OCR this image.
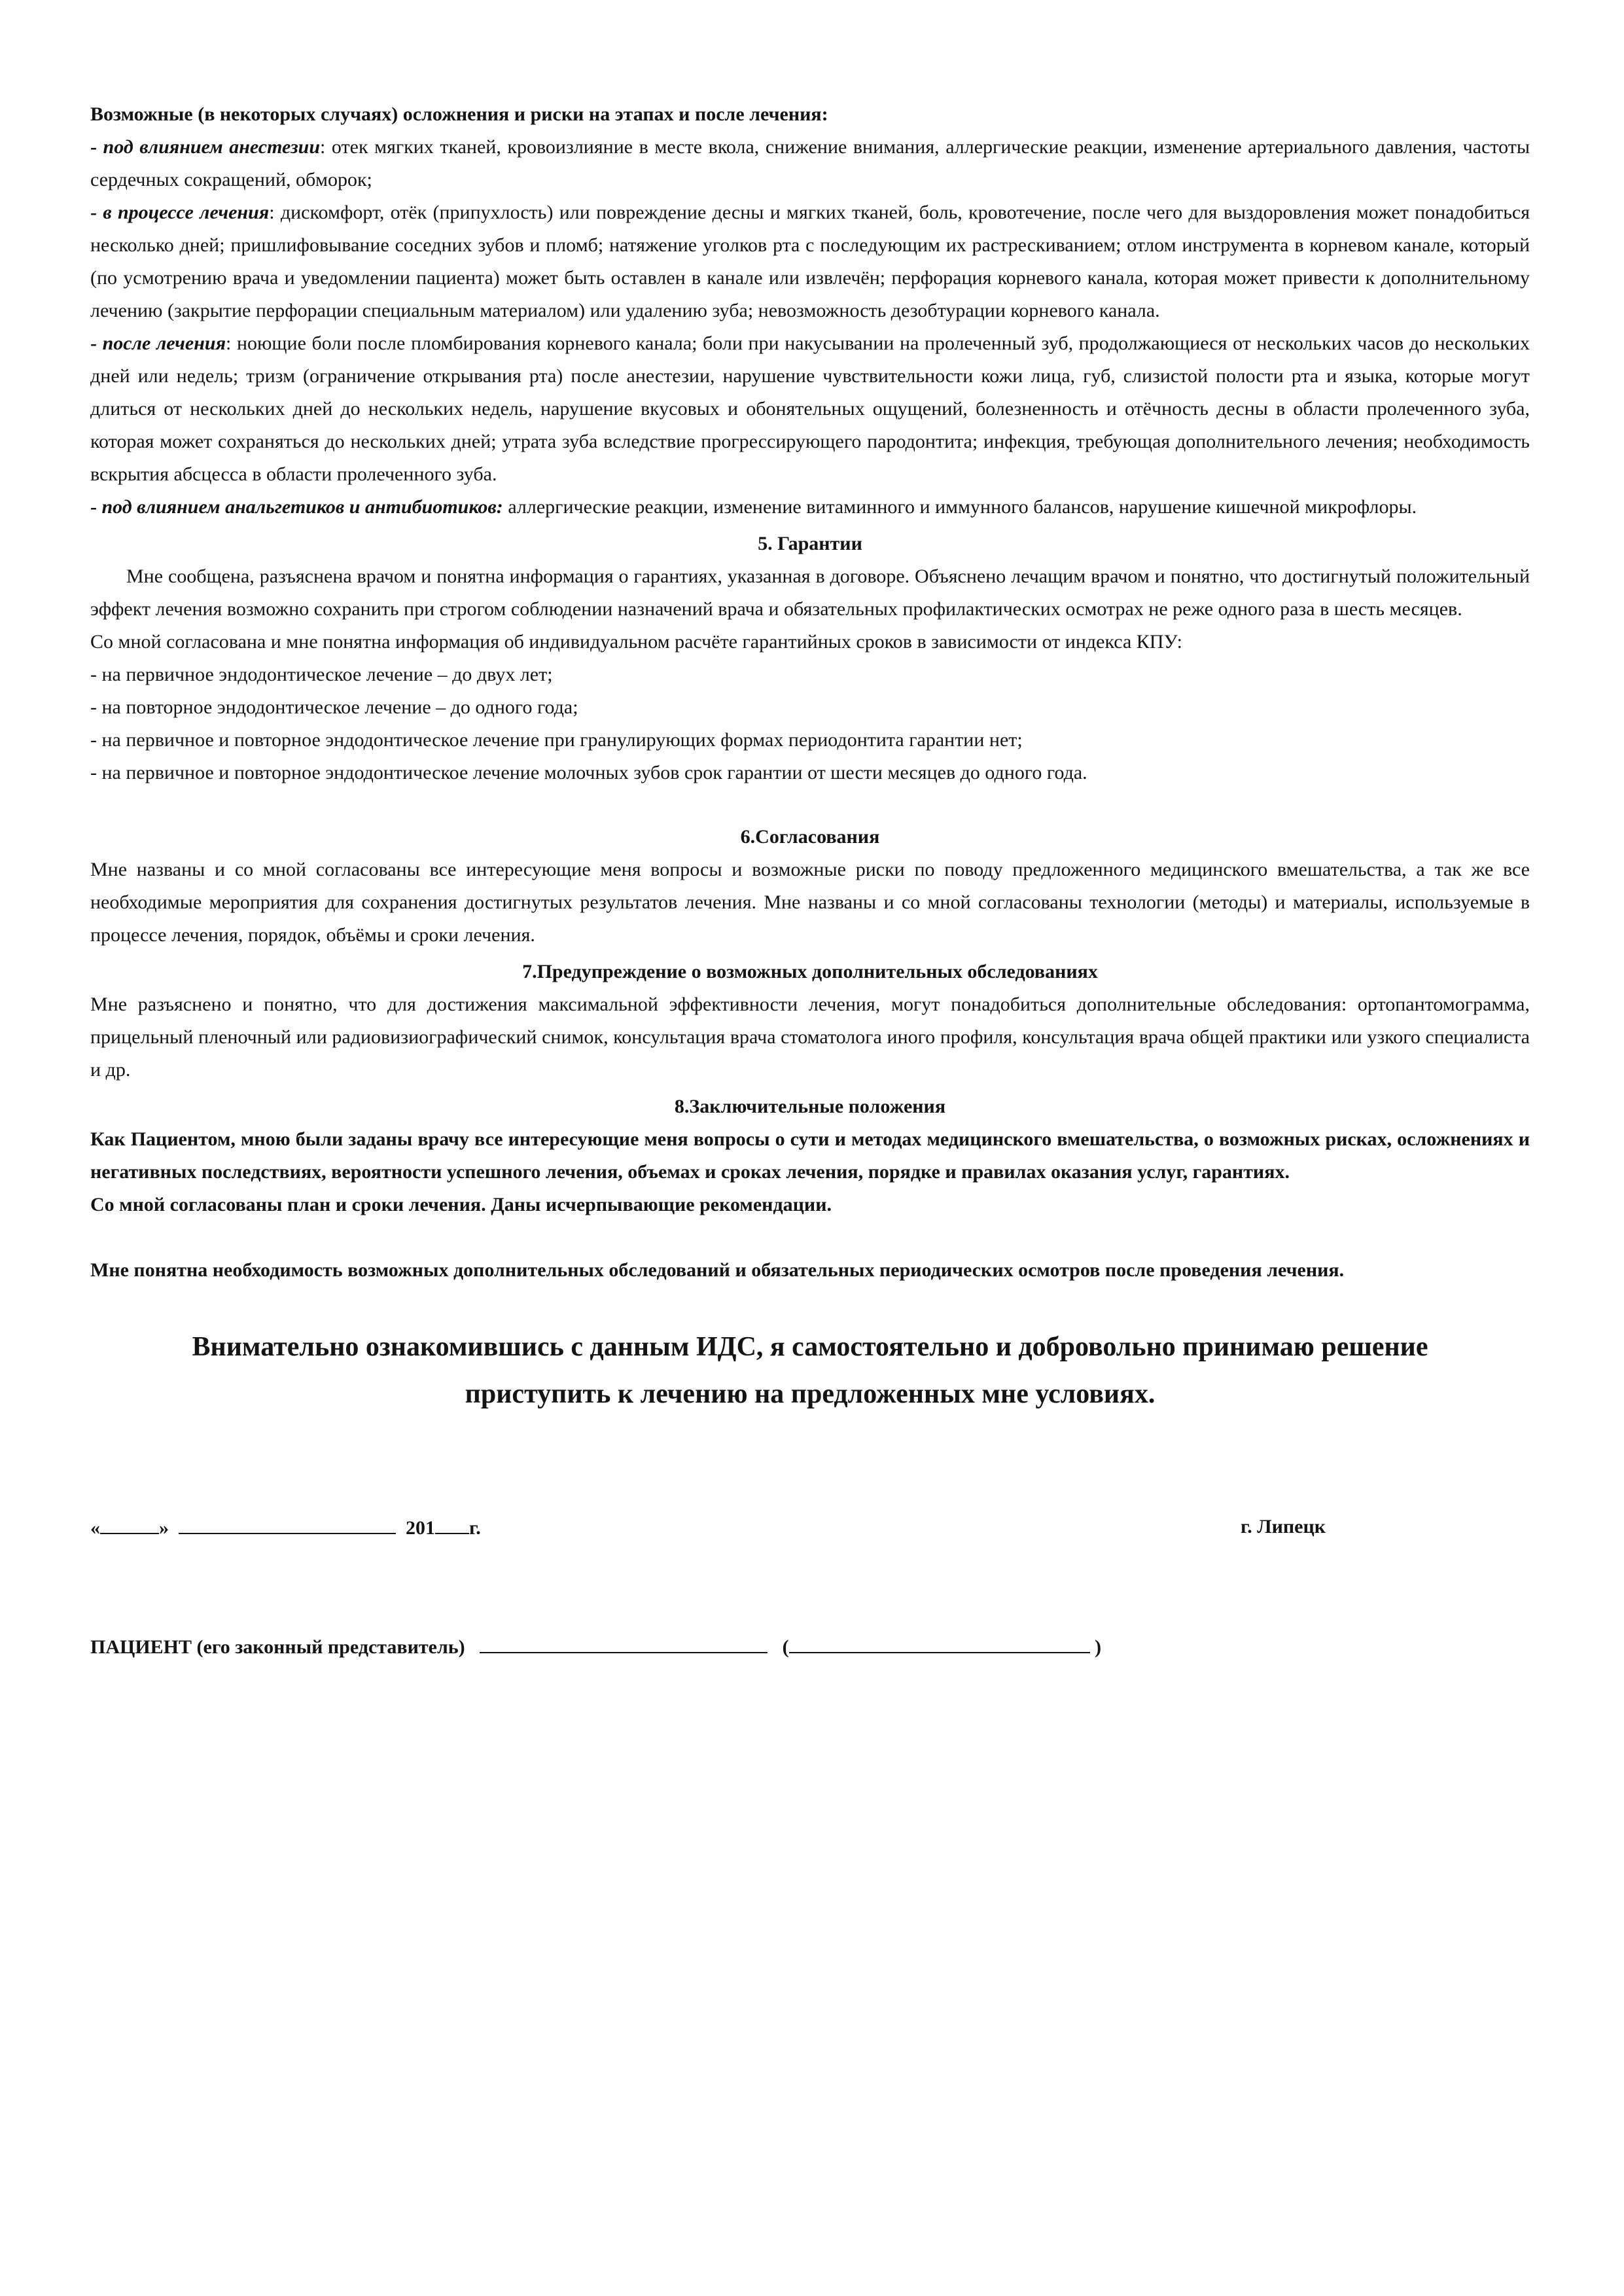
Возможные (в некоторых случаях) осложнения и риски на этапах и после лечения:

- под влиянием анестезии: отек мягких тканей, кровоизлияние в месте вкола, снижение внимания, аллергические реакции, изменение артериального давления, частоты сердечных сокращений, обморок;

- в процессе лечения: дискомфорт, отёк (припухлость) или повреждение десны и мягких тканей, боль, кровотечение, после чего для выздоровления может понадобиться несколько дней; пришлифовывание соседних зубов и пломб; натяжение уголков рта с последующим их растрескиванием; отлом инструмента в корневом канале, который (по усмотрению врача и уведомлении пациента) может быть оставлен в канале или извлечён; перфорация корневого канала, которая может привести к дополнительному лечению (закрытие перфорации специальным материалом) или удалению зуба; невозможность дезобтурации корневого канала.

- после лечения: ноющие боли после пломбирования корневого канала; боли при накусывании на пролеченный зуб, продолжающиеся от нескольких часов до нескольких дней или недель; тризм (ограничение открывания рта) после анестезии, нарушение чувствительности кожи лица, губ, слизистой полости рта и языка, которые могут длиться от нескольких дней до нескольких недель, нарушение вкусовых и обонятельных ощущений, болезненность и отёчность десны в области пролеченного зуба, которая может сохраняться до нескольких дней; утрата зуба вследствие прогрессирующего пародонтита; инфекция, требующая дополнительного лечения; необходимость вскрытия абсцесса в области пролеченного зуба.

- под влиянием анальгетиков и антибиотиков: аллергические реакции, изменение витаминного и иммунного балансов, нарушение кишечной микрофлоры.

5. Гарантии

Мне сообщена, разъяснена врачом и понятна информация о гарантиях, указанная в договоре. Объяснено лечащим врачом и понятно, что достигнутый положительный эффект лечения возможно сохранить при строгом соблюдении назначений врача и обязательных профилактических осмотрах не реже одного раза в шесть месяцев.

Со мной согласована и мне понятна информация об индивидуальном расчёте гарантийных сроков в зависимости от индекса КПУ:

- на первичное эндодонтическое лечение – до двух лет;

- на повторное эндодонтическое лечение – до одного года;

- на первичное и повторное эндодонтическое лечение при гранулирующих формах периодонтита гарантии нет;

- на первичное и повторное эндодонтическое лечение молочных зубов срок гарантии от шести месяцев до одного года.

6.Согласования

Мне названы и со мной согласованы все интересующие меня вопросы и возможные риски по поводу предложенного медицинского вмешательства, а так же все необходимые мероприятия для сохранения достигнутых результатов лечения. Мне названы и со мной согласованы технологии (методы) и материалы, используемые в процессе лечения, порядок, объёмы и сроки лечения.

7.Предупреждение о возможных дополнительных обследованиях

Мне разъяснено и понятно, что для достижения максимальной эффективности лечения, могут понадобиться дополнительные обследования: ортопантомограмма, прицельный пленочный или радиовизиографический снимок, консультация врача стоматолога иного профиля, консультация врача общей практики или узкого специалиста и др.

8.Заключительные положения

Как Пациентом, мною были заданы врачу все интересующие меня вопросы о сути и методах медицинского вмешательства, о возможных рисках, осложнениях и негативных последствиях, вероятности успешного лечения, объемах и сроках лечения, порядке и правилах оказания услуг, гарантиях.

Со мной согласованы план и сроки лечения. Даны исчерпывающие рекомендации.

Мне понятна необходимость возможных дополнительных обследований и обязательных периодических осмотров после проведения лечения.

Внимательно ознакомившись с данным ИДС, я самостоятельно и добровольно принимаю решение приступить к лечению на предложенных мне условиях.

«	»	201 г.	г. Липецк
ПАЦИЕНТ (его законный представитель)	(	)
